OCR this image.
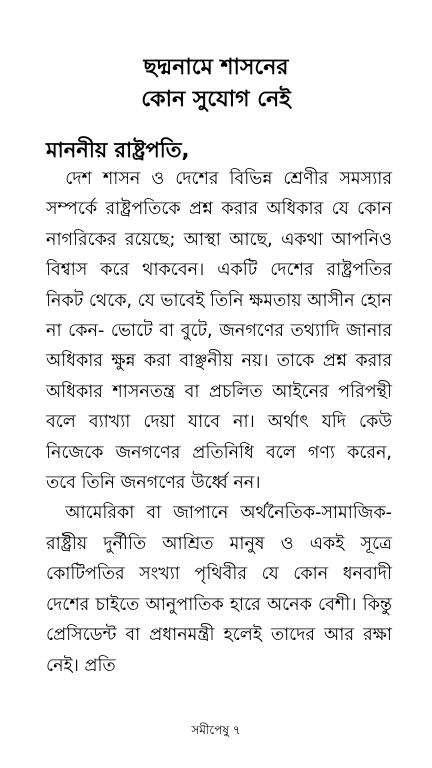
ছদ্মনামে শাসনের
কোন সুযোগ নেই
মাননীয় রাষ্ট্রপতি,

দেশ শাসন ও দেশের বিভিন্ন শ্রেণীর সমস্যার সম্পর্কে রাষ্ট্রপতিকে প্রশ্ন করার অধিকার যে কোন নাগরিকের রয়েছে; আস্থা আছে, একথা আপনিও বিশ্বাস করে থাকবেন। একটি দেশের রাষ্ট্রপতির নিকট থেকে, যে ভাবেই তিনি ক্ষমতায় আসীন হোন না কেন- ভোটে বা বুটে, জনগণের তথ্যাদি জানার অধিকার ক্ষুন্ন করা বাঞ্ছনীয় নয়। তাকে প্রশ্ন করার অধিকার শাসনতন্ত্র বা প্রচলিত আইনের পরিপন্থী বলে ব্যাখ্যা দেয়া যাবে না। অর্থাৎ যদি কেউ নিজেকে জনগণের প্রতিনিধি বলে গণ্য করেন, তবে তিনি জনগণের উর্ধ্বে নন।

আমেরিকা বা জাপানে অর্থনৈতিক-সামাজিক-রাষ্ট্রীয় দুর্নীতি আশ্রিত মানুষ ও একই সূত্রে কোটিপতির সংখ্যা পৃথিবীর যে কোন ধনবাদী দেশের চাইতে আনুপাতিক হারে অনেক বেশী। কিন্তু প্রেসিডেন্ট বা প্রধানমন্ত্রী হলেই তাদের আর রক্ষা নেই। প্রতি

সমীপেষু ৭
